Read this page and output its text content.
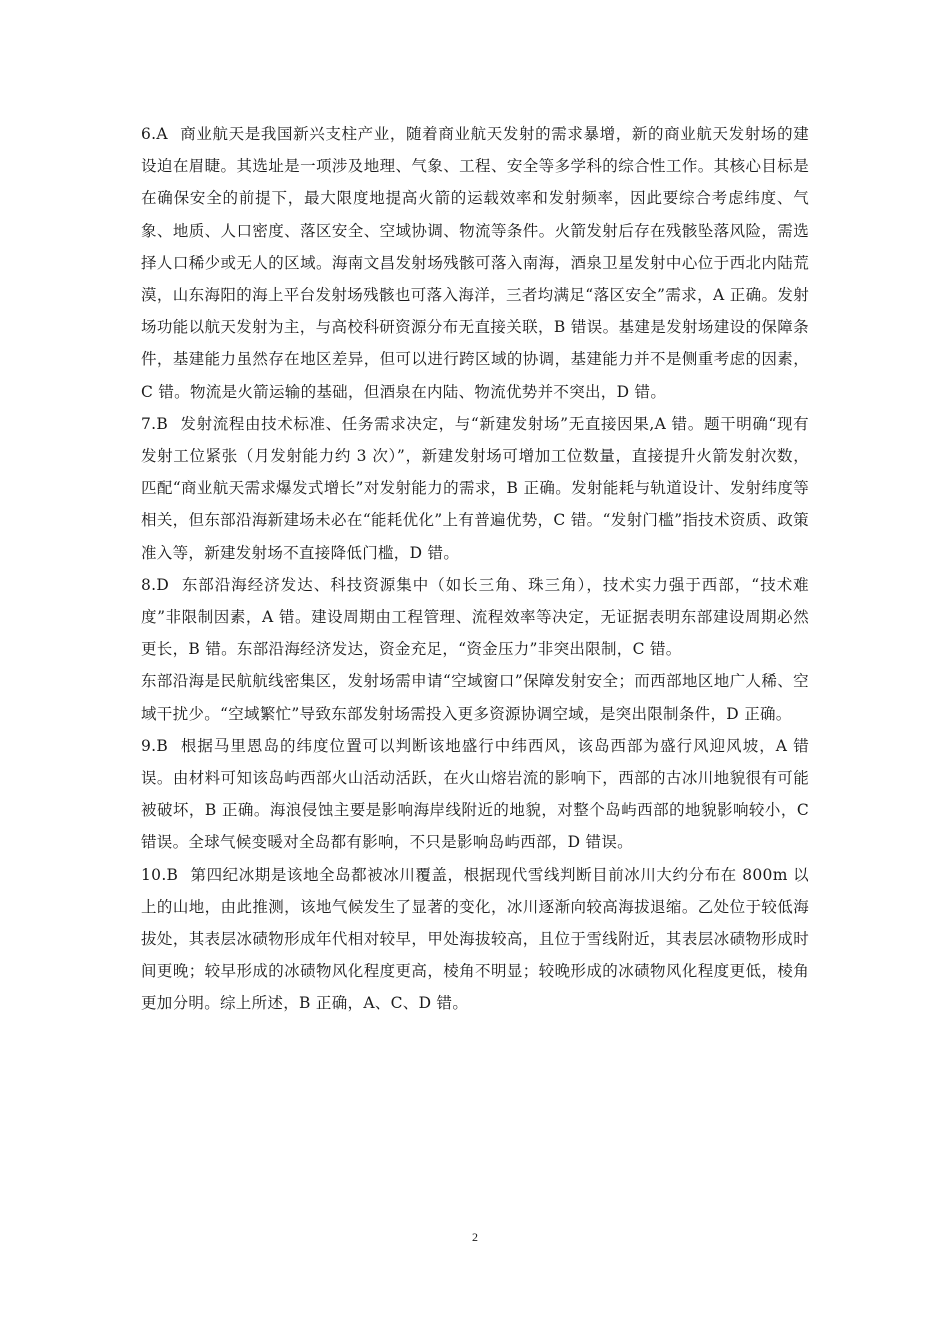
6.A 商业航天是我国新兴支柱产业，随着商业航天发射的需求暴增，新的商业航天发射场的建设迫在眉睫。其选址是一项涉及地理、气象、工程、安全等多学科的综合性工作。其核心目标是在确保安全的前提下，最大限度地提高火箭的运载效率和发射频率，因此要综合考虑纬度、气象、地质、人口密度、落区安全、空域协调、物流等条件。火箭发射后存在残骸坠落风险，需选择人口稀少或无人的区域。海南文昌发射场残骸可落入南海，酒泉卫星发射中心位于西北内陆荒漠，山东海阳的海上平台发射场残骸也可落入海洋，三者均满足“落区安全”需求，A 正确。发射场功能以航天发射为主，与高校科研资源分布无直接关联，B 错误。基建是发射场建设的保障条件，基建能力虽然存在地区差异，但可以进行跨区域的协调，基建能力并不是侧重考虑的因素，C 错。物流是火箭运输的基础，但酒泉在内陆、物流优势并不突出，D 错。

7.B 发射流程由技术标准、任务需求决定，与“新建发射场”无直接因果,A 错。题干明确“现有发射工位紧张（月发射能力约 3 次）”，新建发射场可增加工位数量，直接提升火箭发射次数，匹配“商业航天需求爆发式增长”对发射能力的需求，B 正确。发射能耗与轨道设计、发射纬度等相关，但东部沿海新建场未必在“能耗优化”上有普遍优势，C 错。“发射门槛”指技术资质、政策准入等，新建发射场不直接降低门槛，D 错。

8.D 东部沿海经济发达、科技资源集中（如长三角、珠三角），技术实力强于西部，“技术难度”非限制因素，A 错。建设周期由工程管理、流程效率等决定，无证据表明东部建设周期必然更长，B 错。东部沿海经济发达，资金充足，“资金压力”非突出限制，C 错。

东部沿海是民航航线密集区，发射场需申请“空域窗口”保障发射安全；而西部地区地广人稀、空域干扰少。“空域繁忙”导致东部发射场需投入更多资源协调空域，是突出限制条件，D 正确。

9.B 根据马里恩岛的纬度位置可以判断该地盛行中纬西风，该岛西部为盛行风迎风坡，A 错误。由材料可知该岛屿西部火山活动活跃，在火山熔岩流的影响下，西部的古冰川地貌很有可能被破坏，B 正确。海浪侵蚀主要是影响海岸线附近的地貌，对整个岛屿西部的地貌影响较小，C 错误。全球气候变暖对全岛都有影响，不只是影响岛屿西部，D 错误。

10.B 第四纪冰期是该地全岛都被冰川覆盖，根据现代雪线判断目前冰川大约分布在 800m 以上的山地，由此推测，该地气候发生了显著的变化，冰川逐渐向较高海拔退缩。乙处位于较低海拔处，其表层冰碛物形成年代相对较早，甲处海拔较高，且位于雪线附近，其表层冰碛物形成时间更晚；较早形成的冰碛物风化程度更高，棱角不明显；较晚形成的冰碛物风化程度更低，棱角更加分明。综上所述，B 正确，A、C、D 错。

2
